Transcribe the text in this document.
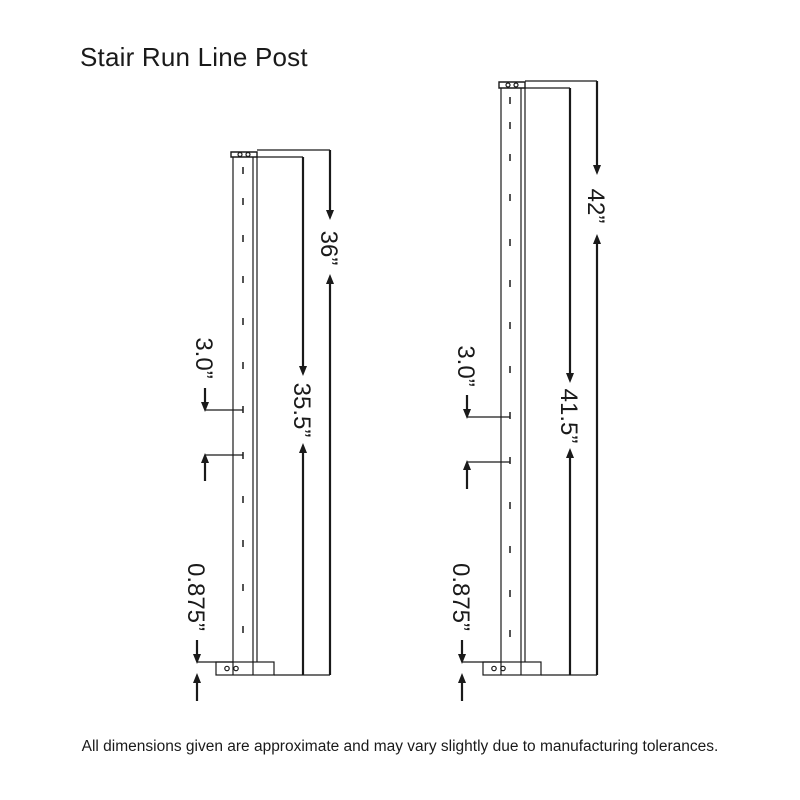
Stair Run Line Post
36”
35.5”
3.0”
0.875”
42”
41.5”
3.0”
0.875”
All dimensions given are approximate and may vary slightly due to manufacturing tolerances.
